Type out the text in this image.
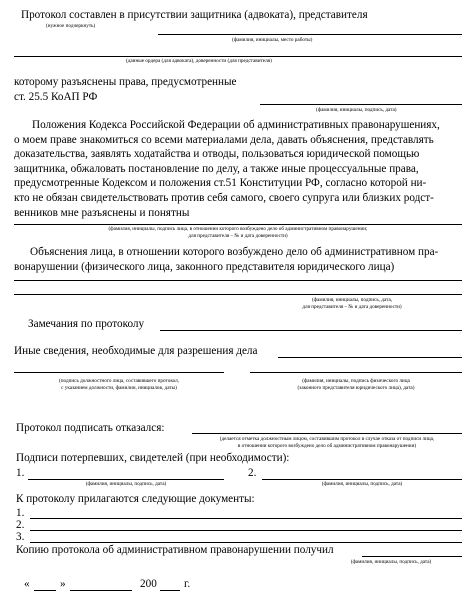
Протокол составлен в присутствии защитника (адвоката), представителя
(нужное подчеркнуть)
(фамилия, инициалы, место работы)
(данные ордера (для адвоката), доверенности (для представителя)
которому разъяснены права, предусмотренные
ст. 25.5 КоАП РФ
(фамилия, инициалы, подпись, дата)
Положения Кодекса Российской Федерации об административных правонарушениях,
о моем праве знакомиться со всеми материалами дела, давать объяснения, представлять
доказательства, заявлять ходатайства и отводы, пользоваться юридической помощью
защитника, обжаловать постановление по делу, а также иные процессуальные права,
предусмотренные Кодексом и положения ст.51 Конституции РФ, согласно которой ни-
кто не обязан свидетельствовать против себя самого, своего супруга или близких родст-
венников мне разъяснены и понятны
(фамилия, инициалы, подпись лица, в отношении которого возбуждено дело об административном правонарушении;
для представителя – № и дата доверенности)
Объяснения лица, в отношении которого возбуждено дело об административном пра-
вонарушении (физического лица, законного представителя юридического лица)
(фамилия, инициалы, подпись, дата,
для представителя – № и дата доверенности)
Замечания по протоколу
Иные сведения, необходимые для разрешения дела
(подпись должностного лица, составившего протокол,
с указанием должности, фамилии, инициалов, даты)
(фамилия, инициалы, подпись физического лица
(законного представителя юридического лица), дата)
Протокол подписать отказался:
(делается отметка должностным лицом, составившим протокол в случае отказа от подписи лица,
в отношении которого возбуждено дело об административном правонарушении)
Подписи потерпевших, свидетелей (при необходимости):
1.	2.
(фамилия, инициалы, подпись, дата)	(фамилия, инициалы, подпись, дата)
К протоколу прилагаются следующие документы:
1.
2.
3.
Копию протокола об административном правонарушении получил
(фамилия, инициалы, подпись, дата)
«	»	200 г.
